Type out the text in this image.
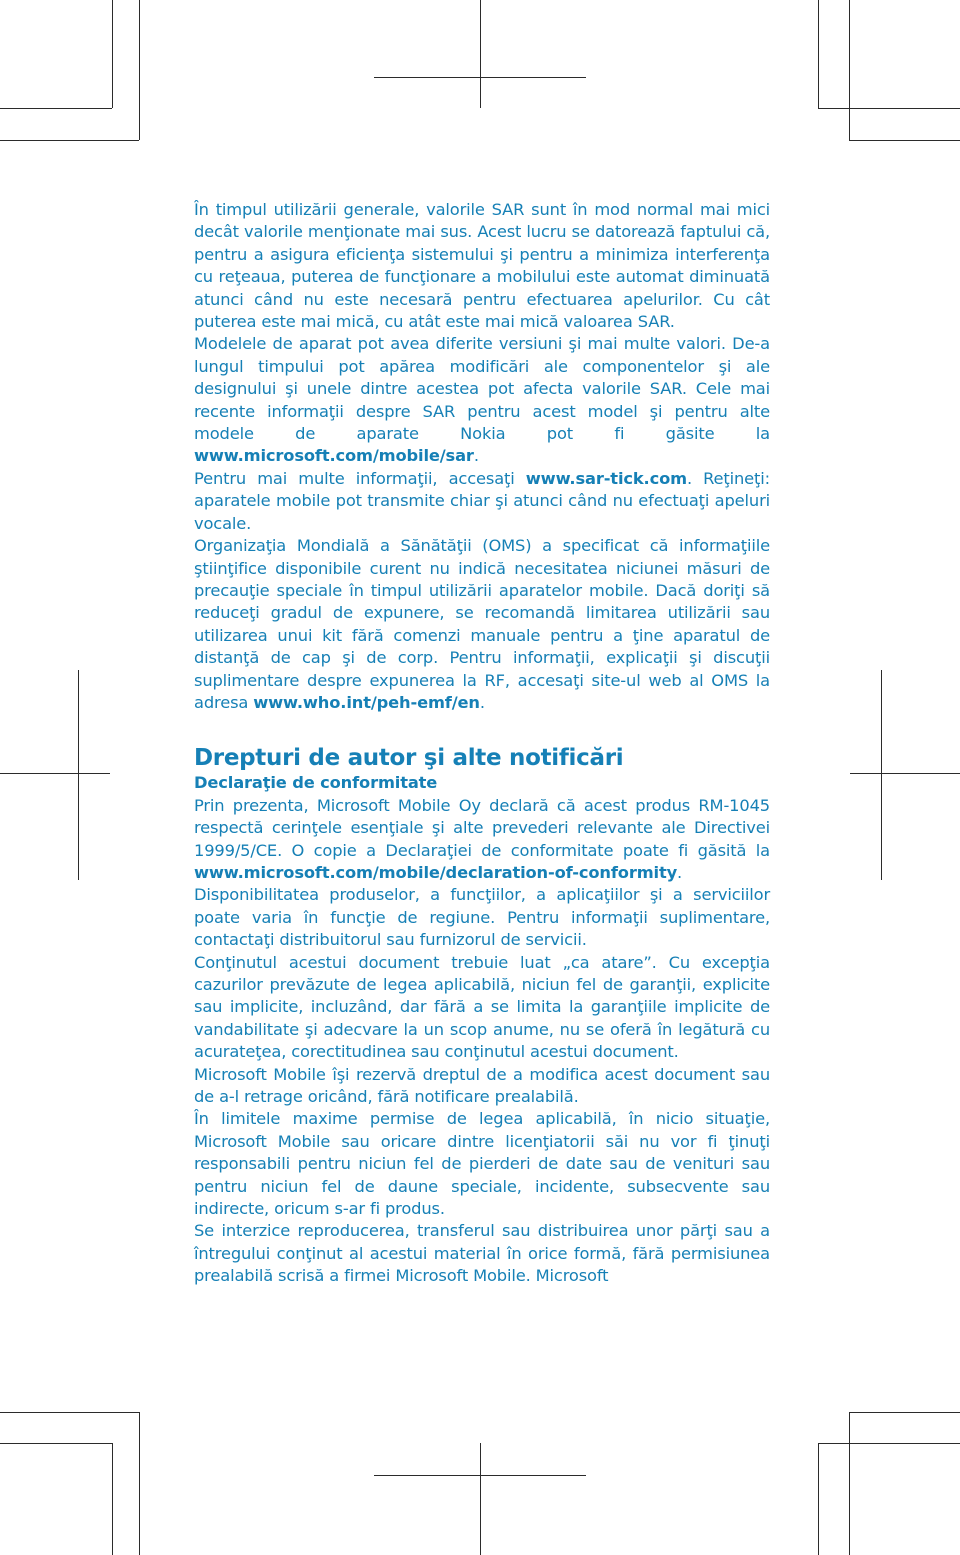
În timpul utilizării generale, valorile SAR sunt în mod normal mai mici decât valorile menţionate mai sus. Acest lucru se datorează faptului că, pentru a asigura eficienţa sistemului şi pentru a minimiza interferenţa cu reţeaua, puterea de funcţionare a mobilului este automat diminuată atunci când nu este necesară pentru efectuarea apelurilor. Cu cât puterea este mai mică, cu atât este mai mică valoarea SAR.

Modelele de aparat pot avea diferite versiuni şi mai multe valori. De-a lungul timpului pot apărea modificări ale componentelor şi ale designului şi unele dintre acestea pot afecta valorile SAR. Cele mai recente informaţii despre SAR pentru acest model şi pentru alte modele de aparate Nokia pot fi găsite la www.microsoft.com/mobile/sar.

Pentru mai multe informaţii, accesaţi www.sar-tick.com. Reţineţi: aparatele mobile pot transmite chiar şi atunci când nu efectuaţi apeluri vocale.

Organizaţia Mondială a Sănătăţii (OMS) a specificat că informaţiile ştiinţifice disponibile curent nu indică necesitatea niciunei măsuri de precauţie speciale în timpul utilizării aparatelor mobile. Dacă doriţi să reduceţi gradul de expunere, se recomandă limitarea utilizării sau utilizarea unui kit fără comenzi manuale pentru a ţine aparatul de distanţă de cap şi de corp. Pentru informaţii, explicaţii şi discuţii suplimentare despre expunerea la RF, accesaţi site-ul web al OMS la adresa www.who.int/peh-emf/en.

Drepturi de autor şi alte notificări
Declaraţie de conformitate

Prin prezenta, Microsoft Mobile Oy declară că acest produs RM-1045 respectă cerinţele esenţiale şi alte prevederi relevante ale Directivei 1999/5/CE. O copie a Declaraţiei de conformitate poate fi găsită la www.microsoft.com/mobile/declaration-of-conformity.

Disponibilitatea produselor, a funcţiilor, a aplicaţiilor şi a serviciilor poate varia în funcţie de regiune. Pentru informaţii suplimentare, contactaţi distribuitorul sau furnizorul de servicii.

Conţinutul acestui document trebuie luat „ca atare”. Cu excepţia cazurilor prevăzute de legea aplicabilă, niciun fel de garanţii, explicite sau implicite, incluzând, dar fără a se limita la garanţiile implicite de vandabilitate şi adecvare la un scop anume, nu se oferă în legătură cu acurateţea, corectitudinea sau conţinutul acestui document.

Microsoft Mobile îşi rezervă dreptul de a modifica acest document sau de a-l retrage oricând, fără notificare prealabilă.

În limitele maxime permise de legea aplicabilă, în nicio situaţie, Microsoft Mobile sau oricare dintre licenţiatorii săi nu vor fi ţinuţi responsabili pentru niciun fel de pierderi de date sau de venituri sau pentru niciun fel de daune speciale, incidente, subsecvente sau indirecte, oricum s-ar fi produs.

Se interzice reproducerea, transferul sau distribuirea unor părţi sau a întregului conţinut al acestui material în orice formă, fără permisiunea prealabilă scrisă a firmei Microsoft Mobile. Microsoft
